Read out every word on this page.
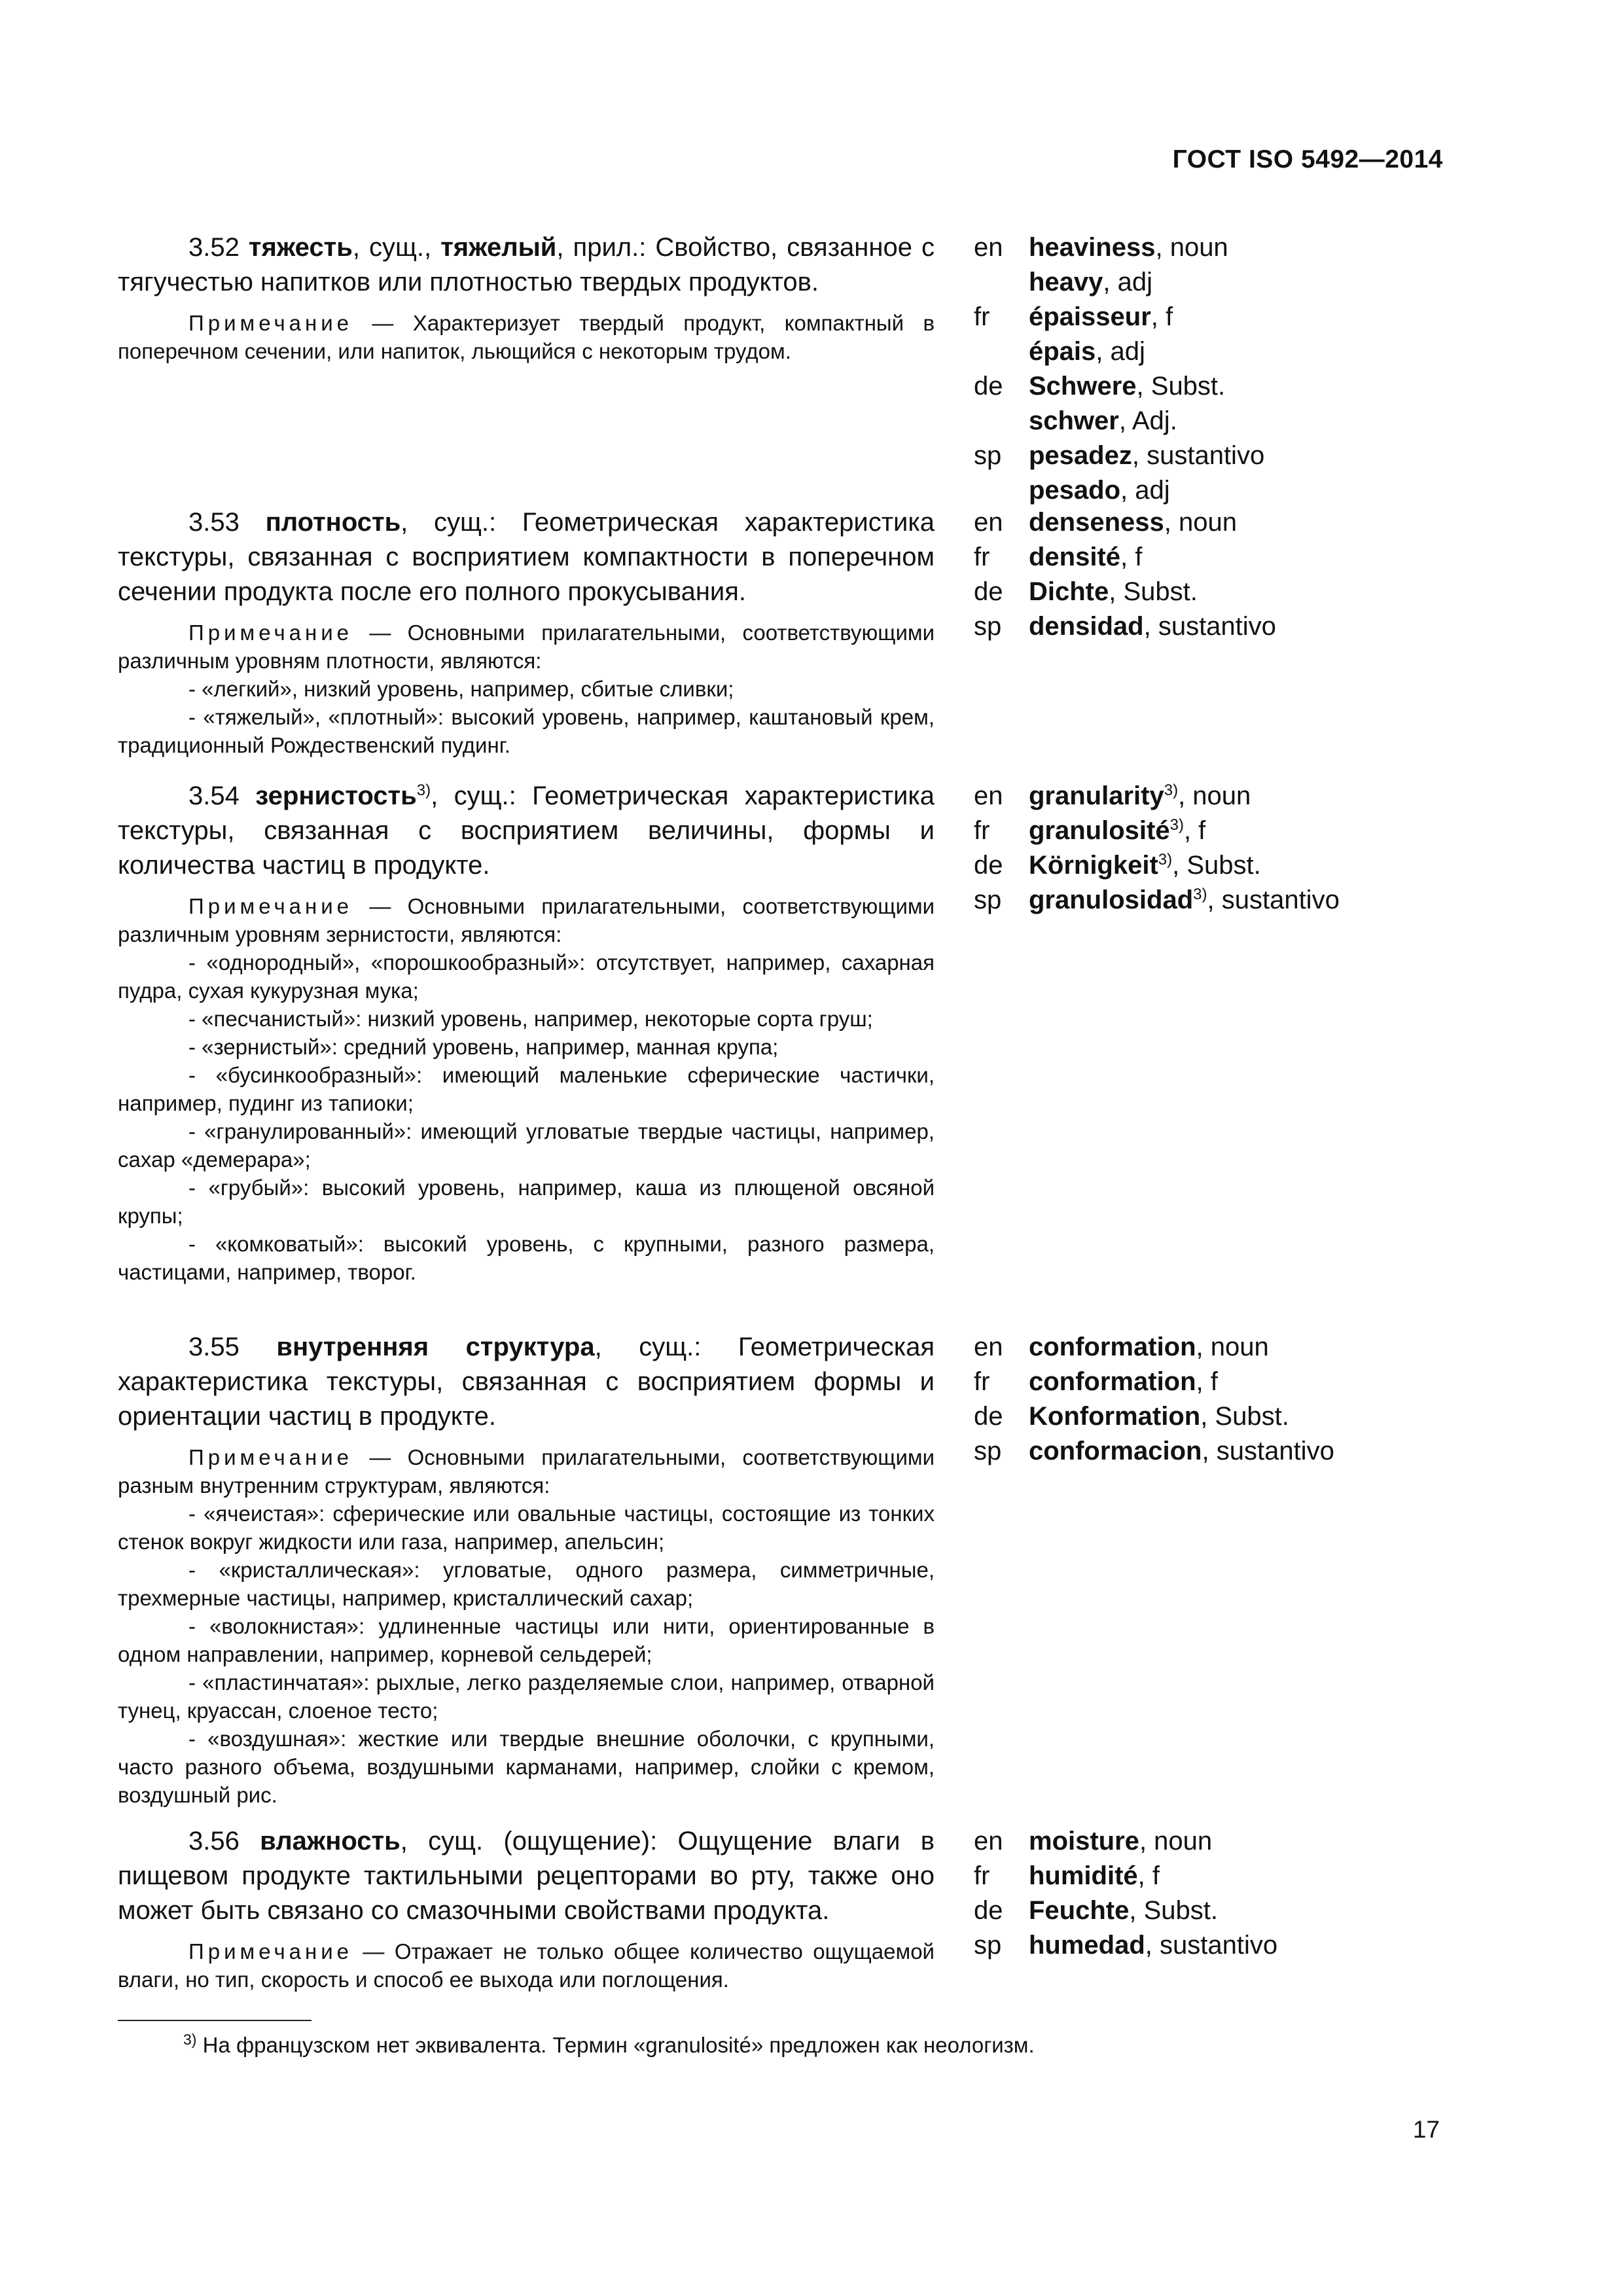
ГОСТ ISO 5492—2014

3.52 тяжесть, сущ., тяжелый, прил.: Свойство, связанное с тягучестью напитков или плотностью твердых продуктов.

Примечание — Характеризует твердый продукт, компактный в поперечном сечении, или напиток, льющийся с некоторым трудом.

en heaviness, noun
heavy, adj
fr	épaisseur, f
épais, adj
de Schwere, Subst.
schwer, Adj.
sp	pesadez, sustantivo
pesado, adj

3.53 плотность, сущ.: Геометрическая характеристика текстуры, связанная с восприятием компактности в поперечном сечении продукта после его полного прокусывания.

Примечание — Основными прилагательными, соответствующими различным уровням плотности, являются:

- «легкий», низкий уровень, например, сбитые сливки;

- «тяжелый», «плотный»: высокий уровень, например, каштановый крем, традиционный Рождественский пудинг.

en denseness, noun
fr	densité, f
de Dichte, Subst.
sp	densidad, sustantivo

3.54 зернистость$^{3)}$, сущ.: Геометрическая характеристика текстуры, связанная с восприятием величины, формы и количества частиц в продукте.

Примечание — Основными прилагательными, соответствующими различным уровням зернистости, являются:

- «однородный», «порошкообразный»: отсутствует, например, сахарная пудра, сухая кукурузная мука;

- «песчанистый»: низкий уровень, например, некоторые сорта груш;

- «зернистый»: средний уровень, например, манная крупа;

- «бусинкообразный»: имеющий маленькие сферические частички, например, пудинг из тапиоки;

- «гранулированный»: имеющий угловатые твердые частицы, например, сахар «демерара»;

- «грубый»: высокий уровень, например, каша из плющеной овсяной крупы;

- «комковатый»: высокий уровень, с крупными, разного размера, частицами, например, творог.

en granularity$^{3)}$, noun
fr	granulosité$^{3)}$, f
de Körnigkeit$^{3)}$, Subst.
sp	granulosidad$^{3)}$, sustantivo

3.55 внутренняя структура, сущ.: Геометрическая характеристика текстуры, связанная с восприятием формы и ориентации частиц в продукте.

Примечание — Основными прилагательными, соответствующими разным внутренним структурам, являются:

- «ячеистая»: сферические или овальные частицы, состоящие из тонких стенок вокруг жидкости или газа, например, апельсин;

- «кристаллическая»: угловатые, одного размера, симметричные, трехмерные частицы, например, кристаллический сахар;

- «волокнистая»: удлиненные частицы или нити, ориентированные в одном направлении, например, корневой сельдерей;

- «пластинчатая»: рыхлые, легко разделяемые слои, например, отварной тунец, круассан, слоеное тесто;

- «воздушная»: жесткие или твердые внешние оболочки, с крупными, часто разного объема, воздушными карманами, например, слойки с кремом, воздушный рис.

en conformation, noun
fr	conformation, f
de Konformation, Subst.
sp	conformacion, sustantivo

3.56 влажность, сущ. (ощущение): Ощущение влаги в пищевом продукте тактильными рецепторами во рту, также оно может быть связано со смазочными свойствами продукта.

Примечание — Отражает не только общее количество ощущаемой влаги, но тип, скорость и способ ее выхода или поглощения.

en moisture, noun
fr	humidité, f
de Feuchte, Subst.
sp	humedad, sustantivo
$^{3)}$ На французском нет эквивалента. Термин «granulosité» предложен как неологизм.
17
